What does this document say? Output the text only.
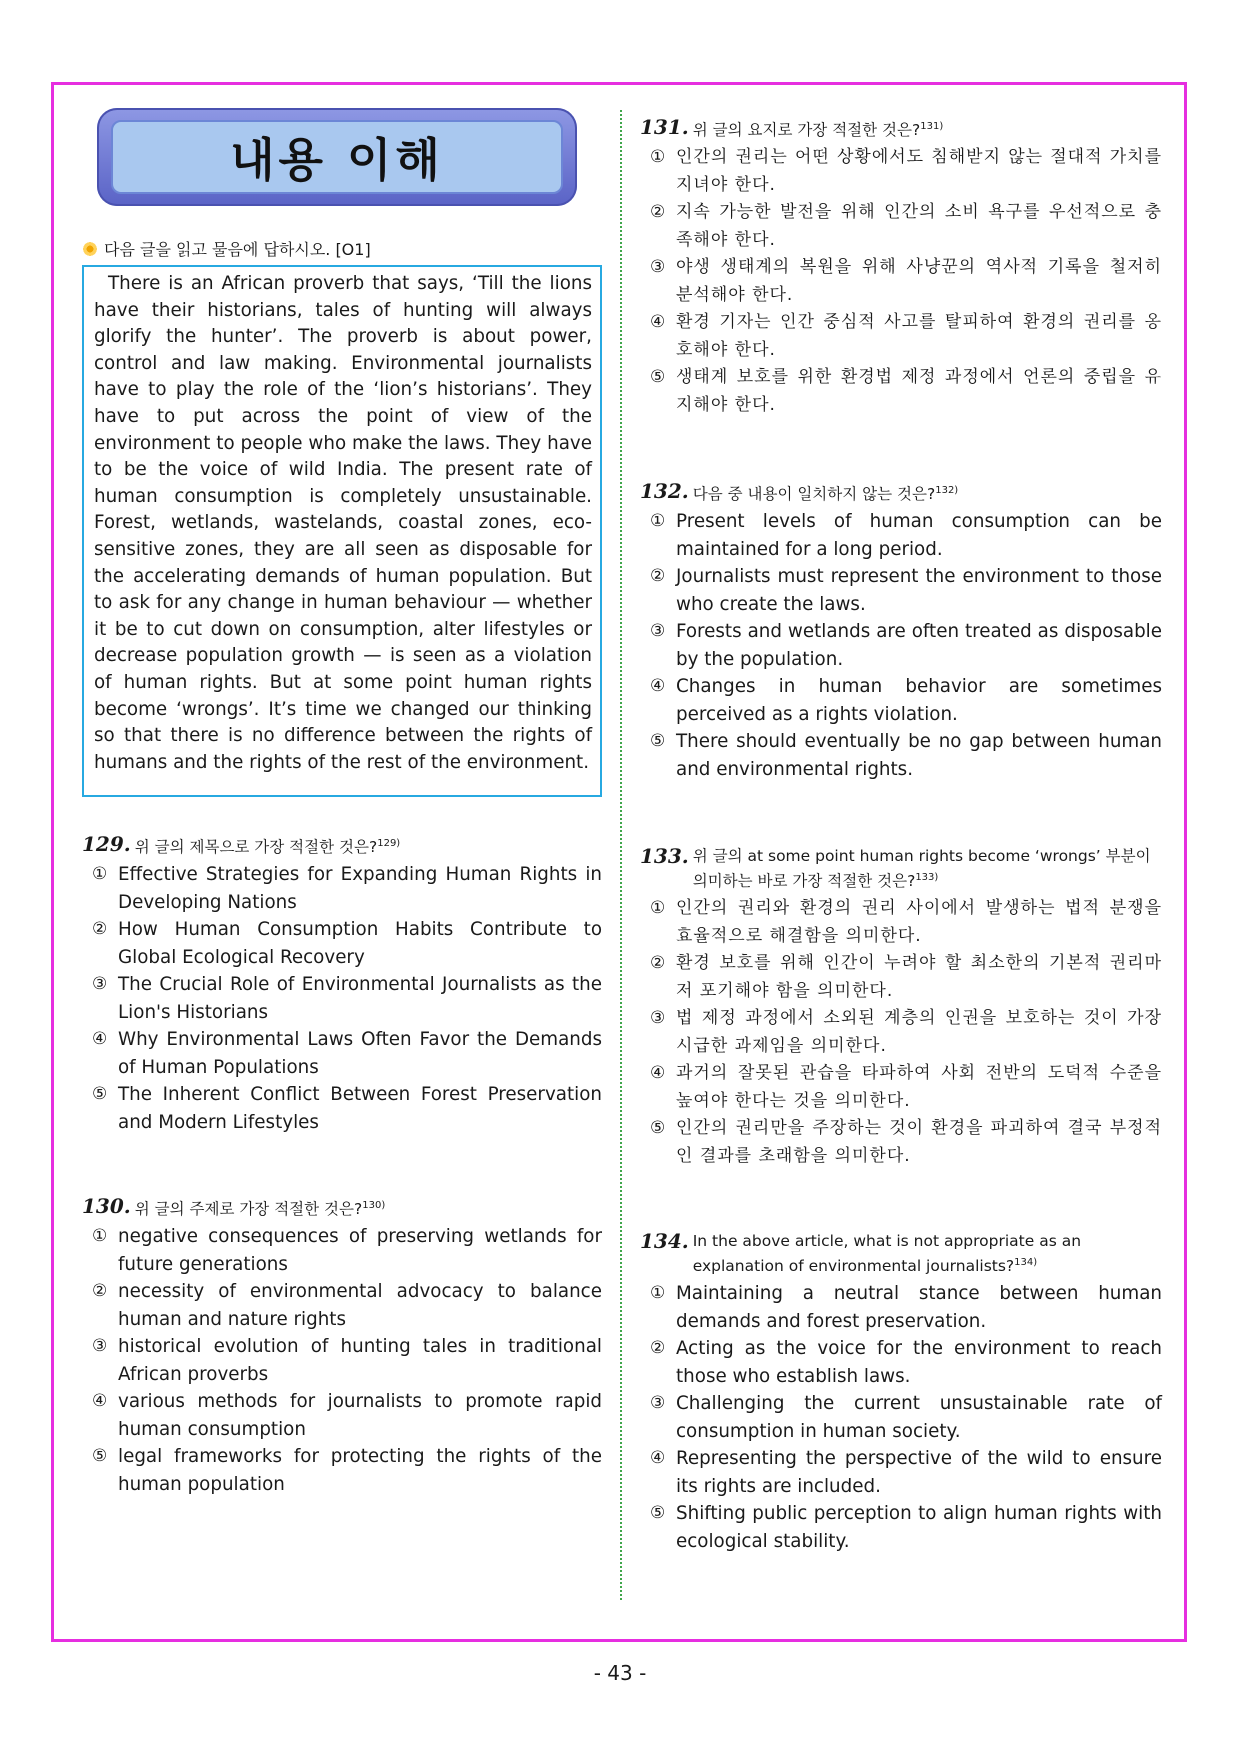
내용 이해
다음 글을 읽고 물음에 답하시오. [O1]
There is an African proverb that says, ‘Till the lions have their historians, tales of hunting will always glorify the hunter’. The proverb is about power, control and law making. Environmental journalists have to play the role of the ‘lion’s historians’. They have to put across the point of view of the environment to people who make the laws. They have to be the voice of wild India. The present rate of human consumption is completely unsustainable. Forest, wetlands, wastelands, coastal zones, eco-sensitive zones, they are all seen as disposable for the accelerating demands of human population. But to ask for any change in human behaviour — whether it be to cut down on consumption, alter lifestyles or decrease population growth — is seen as a violation of human rights. But at some point human rights become ‘wrongs’. It’s time we changed our thinking so that there is no difference between the rights of humans and the rights of the rest of the environment.
129. 위 글의 제목으로 가장 적절한 것은?$^{129)}$
① Effective Strategies for Expanding Human Rights in Developing Nations
② How Human Consumption Habits Contribute to Global Ecological Recovery
③ The Crucial Role of Environmental Journalists as the Lion's Historians
④ Why Environmental Laws Often Favor the Demands of Human Populations
⑤ The Inherent Conflict Between Forest Preservation and Modern Lifestyles
130. 위 글의 주제로 가장 적절한 것은?$^{130)}$
① negative consequences of preserving wetlands for future generations
② necessity of environmental advocacy to balance human and nature rights
③ historical evolution of hunting tales in traditional African proverbs
④ various methods for journalists to promote rapid human consumption
⑤ legal frameworks for protecting the rights of the human population
131. 위 글의 요지로 가장 적절한 것은?$^{131)}$
① 인간의 권리는 어떤 상황에서도 침해받지 않는 절대적 가치를 지녀야 한다.
② 지속 가능한 발전을 위해 인간의 소비 욕구를 우선적으로 충족해야 한다.
③ 야생 생태계의 복원을 위해 사냥꾼의 역사적 기록을 철저히 분석해야 한다.
④ 환경 기자는 인간 중심적 사고를 탈피하여 환경의 권리를 옹호해야 한다.
⑤ 생태계 보호를 위한 환경법 제정 과정에서 언론의 중립을 유지해야 한다.
132. 다음 중 내용이 일치하지 않는 것은?$^{132)}$
① Present levels of human consumption can be maintained for a long period.
② Journalists must represent the environment to those who create the laws.
③ Forests and wetlands are often treated as disposable by the population.
④ Changes in human behavior are sometimes perceived as a rights violation.
⑤ There should eventually be no gap between human and environmental rights.
133. 위 글의 at some point human rights become ‘wrongs’ 부분이 의미하는 바로 가장 적절한 것은?$^{133)}$
① 인간의 권리와 환경의 권리 사이에서 발생하는 법적 분쟁을 효율적으로 해결함을 의미한다.
② 환경 보호를 위해 인간이 누려야 할 최소한의 기본적 권리마저 포기해야 함을 의미한다.
③ 법 제정 과정에서 소외된 계층의 인권을 보호하는 것이 가장 시급한 과제임을 의미한다.
④ 과거의 잘못된 관습을 타파하여 사회 전반의 도덕적 수준을 높여야 한다는 것을 의미한다.
⑤ 인간의 권리만을 주장하는 것이 환경을 파괴하여 결국 부정적인 결과를 초래함을 의미한다.
134. In the above article, what is not appropriate as an explanation of environmental journalists?$^{134)}$
① Maintaining a neutral stance between human demands and forest preservation.
② Acting as the voice for the environment to reach those who establish laws.
③ Challenging the current unsustainable rate of consumption in human society.
④ Representing the perspective of the wild to ensure its rights are included.
⑤ Shifting public perception to align human rights with ecological stability.
- 43 -
